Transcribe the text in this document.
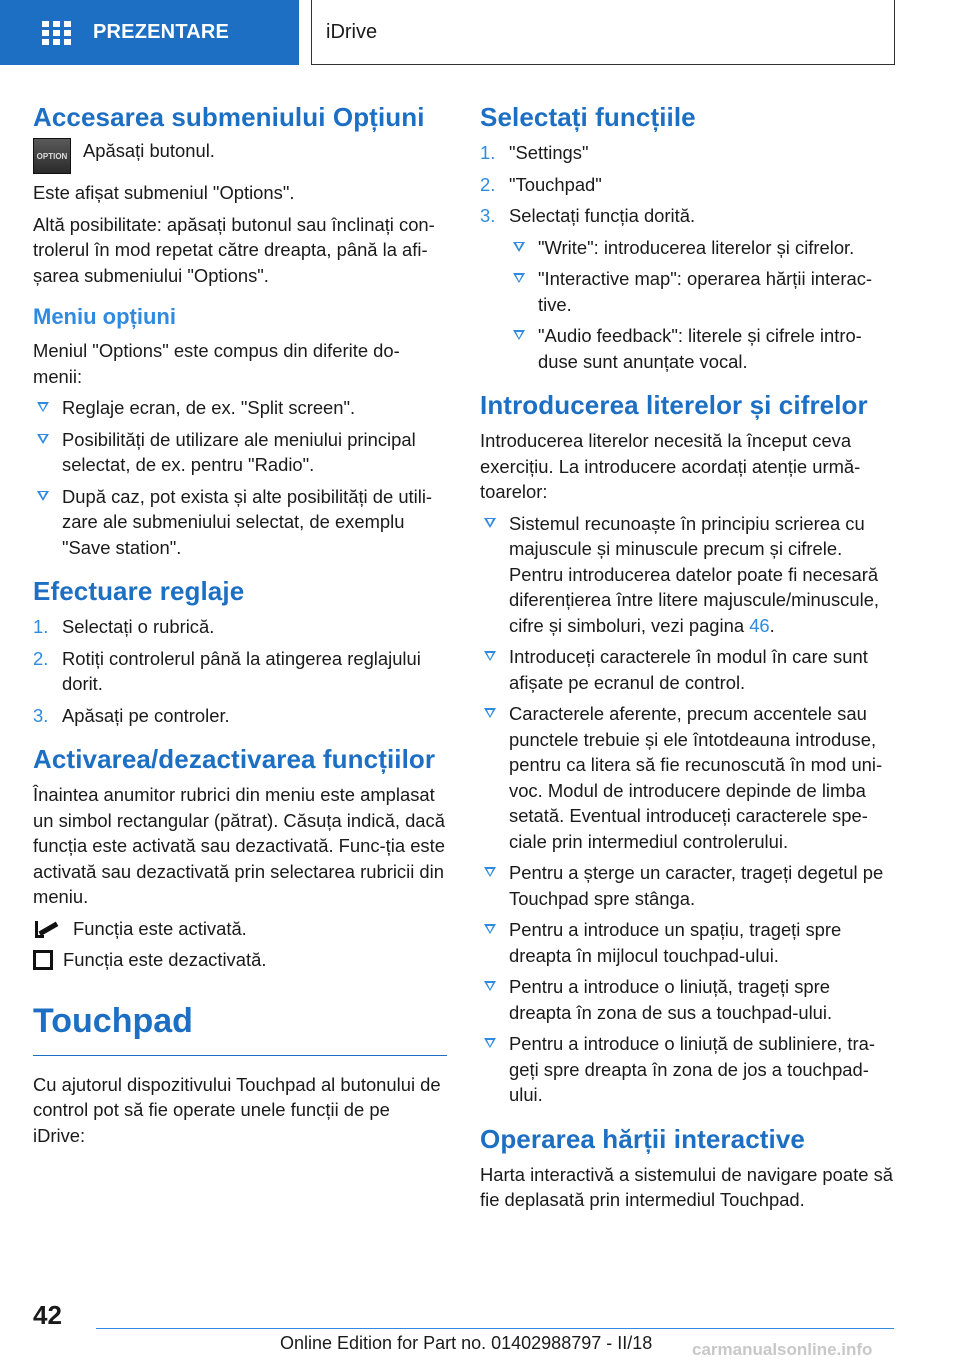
PREZENTARE	iDrive
Accesarea submeniului Opțiuni
OPTION Apăsați butonul.

Este afișat submeniul "Options".

Altă posibilitate: apăsați butonul sau înclinați con-trolerul în mod repetat către dreapta, până la afi-șarea submeniului "Options".

Meniu opțiuni

Meniul "Options" este compus din diferite do-menii:

Reglaje ecran, de ex. "Split screen".
Posibilități de utilizare ale meniului principal selectat, de ex. pentru "Radio".
După caz, pot exista și alte posibilități de utili-zare ale submeniului selectat, de exemplu "Save station".
Efectuare reglaje
1. Selectați o rubrică.
2. Rotiți controlerul până la atingerea reglajului dorit.
3. Apăsați pe controler.
Activarea/dezactivarea funcțiilor

Înaintea anumitor rubrici din meniu este amplasat un simbol rectangular (pătrat). Căsuța indică, dacă funcția este activată sau dezactivată. Func-ția este activată sau dezactivată prin selectarea rubricii din meniu.

Funcția este activată.
Funcția este dezactivată.
Touchpad

Cu ajutorul dispozitivului Touchpad al butonului de control pot să fie operate unele funcții de pe iDrive:

Selectați funcțiile
1. "Settings"
2. "Touchpad"
3. Selectați funcția dorită.
"Write": introducerea literelor și cifrelor.
"Interactive map": operarea hărții interac-tive.
"Audio feedback": literele și cifrele intro-duse sunt anunțate vocal.
Introducerea literelor și cifrelor

Introducerea literelor necesită la început ceva exercițiu. La introducere acordați atenție urmă-toarelor:

Sistemul recunoaște în principiu scrierea cu majuscule și minuscule precum și cifrele. Pentru introducerea datelor poate fi necesară diferențierea între litere majuscule/minuscule, cifre și simboluri, vezi pagina 46.
Introduceți caracterele în modul în care sunt afișate pe ecranul de control.
Caracterele aferente, precum accentele sau punctele trebuie și ele întotdeauna introduse, pentru ca litera să fie recunoscută în mod uni-voc. Modul de introducere depinde de limba setată. Eventual introduceți caracterele spe-ciale prin intermediul controlerului.
Pentru a șterge un caracter, trageți degetul pe Touchpad spre stânga.
Pentru a introduce un spațiu, trageți spre dreapta în mijlocul touchpad-ului.
Pentru a introduce o liniuță, trageți spre dreapta în zona de sus a touchpad-ului.
Pentru a introduce o liniuță de subliniere, tra-geți spre dreapta în zona de jos a touchpad-ului.
Operarea hărții interactive

Harta interactivă a sistemului de navigare poate să fie deplasată prin intermediul Touchpad.

42
Online Edition for Part no. 01402988797 - II/18 carmanualsonline.info
